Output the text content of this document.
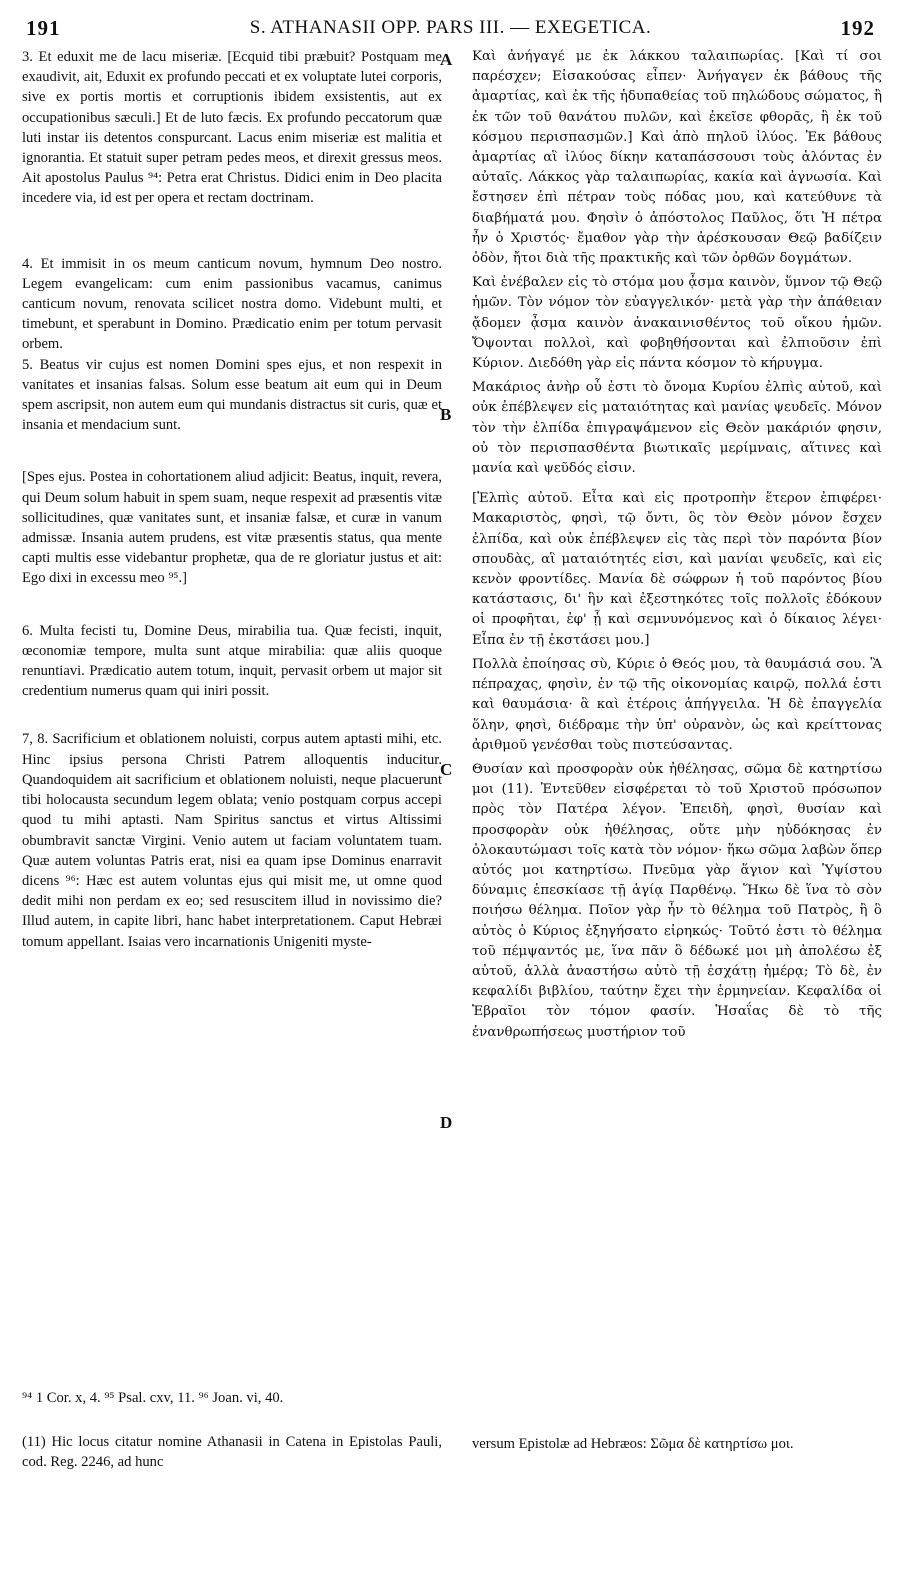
191	S. ATHANASII OPP. PARS III. — EXEGETICA.	192
A
B
C
D

3. Et eduxit me de lacu miseriæ. [Ecquid tibi præbuit? Postquam me exaudivit, ait, Eduxit ex profundo peccati et ex voluptate lutei corporis, sive ex portis mortis et corruptionis ibidem exsistentis, aut ex occupationibus sæculi.] Et de luto fæcis. Ex profundo peccatorum quæ luti instar iis detentos conspurcant. Lacus enim miseriæ est malitia et ignorantia. Et statuit super petram pedes meos, et direxit gressus meos. Ait apostolus Paulus ⁹⁴: Petra erat Christus. Didici enim in Deo placita incedere via, id est per opera et rectam doctrinam.

4. Et immisit in os meum canticum novum, hymnum Deo nostro. Legem evangelicam: cum enim passionibus vacamus, canimus canticum novum, renovata scilicet nostra domo. Videbunt multi, et timebunt, et sperabunt in Domino. Prædicatio enim per totum pervasit orbem.

5. Beatus vir cujus est nomen Domini spes ejus, et non respexit in vanitates et insanias falsas. Solum esse beatum ait eum qui in Deum spem ascripsit, non autem eum qui mundanis distractus sit curis, quæ et insania et mendacium sunt.

[Spes ejus. Postea in cohortationem aliud adjicit: Beatus, inquit, revera, qui Deum solum habuit in spem suam, neque respexit ad præsentis vitæ sollicitudines, quæ vanitates sunt, et insaniæ falsæ, et curæ in vanum admissæ. Insania autem prudens, est vitæ præsentis status, qua mente capti multis esse videbantur prophetæ, qua de re gloriatur justus et ait: Ego dixi in excessu meo ⁹⁵.]

6. Multa fecisti tu, Domine Deus, mirabilia tua. Quæ fecisti, inquit, œconomiæ tempore, multa sunt atque mirabilia: quæ aliis quoque renuntiavi. Prædicatio autem totum, inquit, pervasit orbem ut major sit credentium numerus quam qui iniri possit.

7, 8. Sacrificium et oblationem noluisti, corpus autem aptasti mihi, etc. Hinc ipsius persona Christi Patrem alloquentis inducitur. Quandoquidem ait sacrificium et oblationem noluisti, neque placuerunt tibi holocausta secundum legem oblata; venio postquam corpus accepi quod tu mihi aptasti. Nam Spiritus sanctus et virtus Altissimi obumbravit sanctæ Virgini. Venio autem ut faciam voluntatem tuam. Quæ autem voluntas Patris erat, nisi ea quam ipse Dominus enarravit dicens ⁹⁶: Hæc est autem voluntas ejus qui misit me, ut omne quod dedit mihi non perdam ex eo; sed resuscitem illud in novissimo die? Illud autem, in capite libri, hanc habet interpretationem. Caput Hebræi tomum appellant. Isaias vero incarnationis Unigeniti myste-

Καὶ ἀνήγαγέ με ἐκ λάκκου ταλαιπωρίας. [Καὶ τί σοι παρέσχεν; Εἰσακούσας εἶπεν· Ἀνήγαγεν ἐκ βάθους τῆς ἁμαρτίας, καὶ ἐκ τῆς ἡδυπαθείας τοῦ πηλώδους σώματος, ἢ ἐκ τῶν τοῦ θανάτου πυλῶν, καὶ ἐκεῖσε φθορᾶς, ἢ ἐκ τοῦ κόσμου περισπασμῶν.] Καὶ ἀπὸ πηλοῦ ἰλύος. Ἐκ βάθους ἁμαρτίας αἳ ἰλύος δίκην καταπάσσουσι τοὺς ἁλόντας ἐν αὐταῖς. Λάκκος γὰρ ταλαιπωρίας, κακία καὶ ἀγνωσία. Καὶ ἔστησεν ἐπὶ πέτραν τοὺς πόδας μου, καὶ κατεύθυνε τὰ διαβήματά μου. Φησὶν ὁ ἀπόστολος Παῦλος, ὅτι Ἡ πέτρα ἦν ὁ Χριστός· ἔμαθον γὰρ τὴν ἀρέσκουσαν Θεῷ βαδίζειν ὁδὸν, ἤτοι διὰ τῆς πρακτικῆς καὶ τῶν ὀρθῶν δογμάτων.

Καὶ ἐνέβαλεν εἰς τὸ στόμα μου ᾆσμα καινὸν, ὕμνον τῷ Θεῷ ἡμῶν. Τὸν νόμον τὸν εὐαγγελικόν· μετὰ γὰρ τὴν ἀπάθειαν ᾄδομεν ᾆσμα καινὸν ἀνακαινισθέντος τοῦ οἴκου ἡμῶν. Ὄψονται πολλοὶ, καὶ φοβηθήσονται καὶ ἐλπιοῦσιν ἐπὶ Κύριον. Διεδόθη γὰρ εἰς πάντα κόσμον τὸ κήρυγμα.

Μακάριος ἀνὴρ οὗ ἐστι τὸ ὄνομα Κυρίου ἐλπὶς αὐτοῦ, καὶ οὐκ ἐπέβλεψεν εἰς ματαιότητας καὶ μανίας ψευδεῖς. Μόνον τὸν τὴν ἐλπίδα ἐπιγραψάμενον εἰς Θεὸν μακάριόν φησιν, οὐ τὸν περισπασθέντα βιωτικαῖς μερίμναις, αἵτινες καὶ μανία καὶ ψεῦδός εἰσιν.

[Ἐλπὶς αὐτοῦ. Εἶτα καὶ εἰς προτροπὴν ἕτερον ἐπιφέρει· Μακαριστὸς, φησὶ, τῷ ὄντι, ὃς τὸν Θεὸν μόνον ἔσχεν ἐλπίδα, καὶ οὐκ ἐπέβλεψεν εἰς τὰς περὶ τὸν παρόντα βίον σπουδὰς, αἳ ματαιότητές εἰσι, καὶ μανίαι ψευδεῖς, καὶ εἰς κενὸν φροντίδες. Μανία δὲ σώφρων ἡ τοῦ παρόντος βίου κατάστασις, δι' ἣν καὶ ἐξεστηκότες τοῖς πολλοῖς ἐδόκουν οἱ προφῆται, ἐφ' ᾗ καὶ σεμνυνόμενος καὶ ὁ δίκαιος λέγει· Εἶπα ἐν τῇ ἐκστάσει μου.]

Πολλὰ ἐποίησας σὺ, Κύριε ὁ Θεός μου, τὰ θαυμάσιά σου. Ἃ πέπραχας, φησὶν, ἐν τῷ τῆς οἰκονομίας καιρῷ, πολλά ἐστι καὶ θαυμάσια· ἃ καὶ ἑτέροις ἀπήγγειλα. Ἡ δὲ ἐπαγγελία ὅλην, φησὶ, διέδραμε τὴν ὑπ' οὐρανὸν, ὡς καὶ κρείττονας ἀριθμοῦ γενέσθαι τοὺς πιστεύσαντας.

Θυσίαν καὶ προσφορὰν οὐκ ἠθέλησας, σῶμα δὲ κατηρτίσω μοι (11). Ἐντεῦθεν εἰσφέρεται τὸ τοῦ Χριστοῦ πρόσωπον πρὸς τὸν Πατέρα λέγον. Ἐπειδὴ, φησὶ, θυσίαν καὶ προσφορὰν οὐκ ἠθέλησας, οὔτε μὴν ηὐδόκησας ἐν ὁλοκαυτώμασι τοῖς κατὰ τὸν νόμον· ἥκω σῶμα λαβὼν ὅπερ αὐτός μοι κατηρτίσω. Πνεῦμα γὰρ ἅγιον καὶ Ὑψίστου δύναμις ἐπεσκίασε τῇ ἁγίᾳ Παρθένῳ. Ἥκω δὲ ἵνα τὸ σὸν ποιήσω θέλημα. Ποῖον γὰρ ἦν τὸ θέλημα τοῦ Πατρὸς, ἢ ὃ αὐτὸς ὁ Κύριος ἐξηγήσατο εἰρηκώς· Τοῦτό ἐστι τὸ θέλημα τοῦ πέμψαντός με, ἵνα πᾶν ὃ δέδωκέ μοι μὴ ἀπολέσω ἐξ αὐτοῦ, ἀλλὰ ἀναστήσω αὐτὸ τῇ ἐσχάτῃ ἡμέρᾳ; Τὸ δὲ, ἐν κεφαλίδι βιβλίου, ταύτην ἔχει τὴν ἑρμηνείαν. Κεφαλίδα οἱ Ἑβραῖοι τὸν τόμον φασίν. Ἡσαΐας δὲ τὸ τῆς ἐνανθρωπήσεως μυστήριον τοῦ

⁹⁴ 1 Cor. x, 4. ⁹⁵ Psal. cxv, 11. ⁹⁶ Joan. vi, 40.
(11) Hic locus citatur nomine Athanasii in Catena in Epistolas Pauli, cod. Reg. 2246, ad hunc
versum Epistolæ ad Hebræos: Σῶμα δὲ κατηρτίσω μοι.
